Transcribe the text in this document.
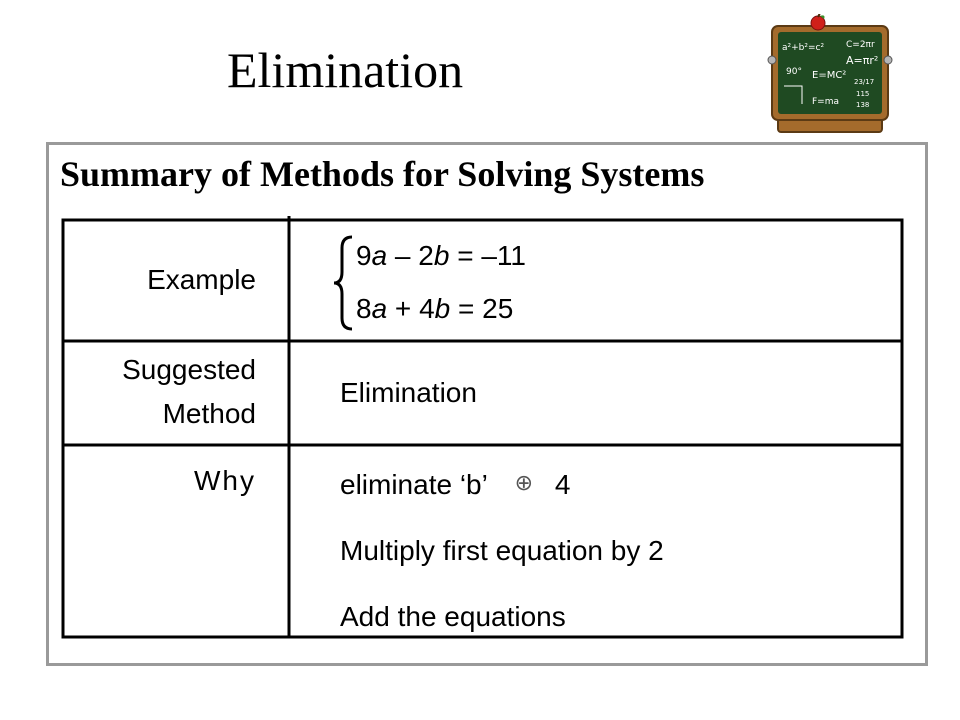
Elimination	a²+b²=c² C=2πr
A=πr²
E=MC²
90°
F=ma
23/17
115
138
Summary of Methods for Solving Systems
Example
Suggested
Method
Why
9a – 2b = –11
8a + 4b = 25
Elimination
eliminate ‘b’ ⊕ 4
Multiply first equation by 2
Add the equations
